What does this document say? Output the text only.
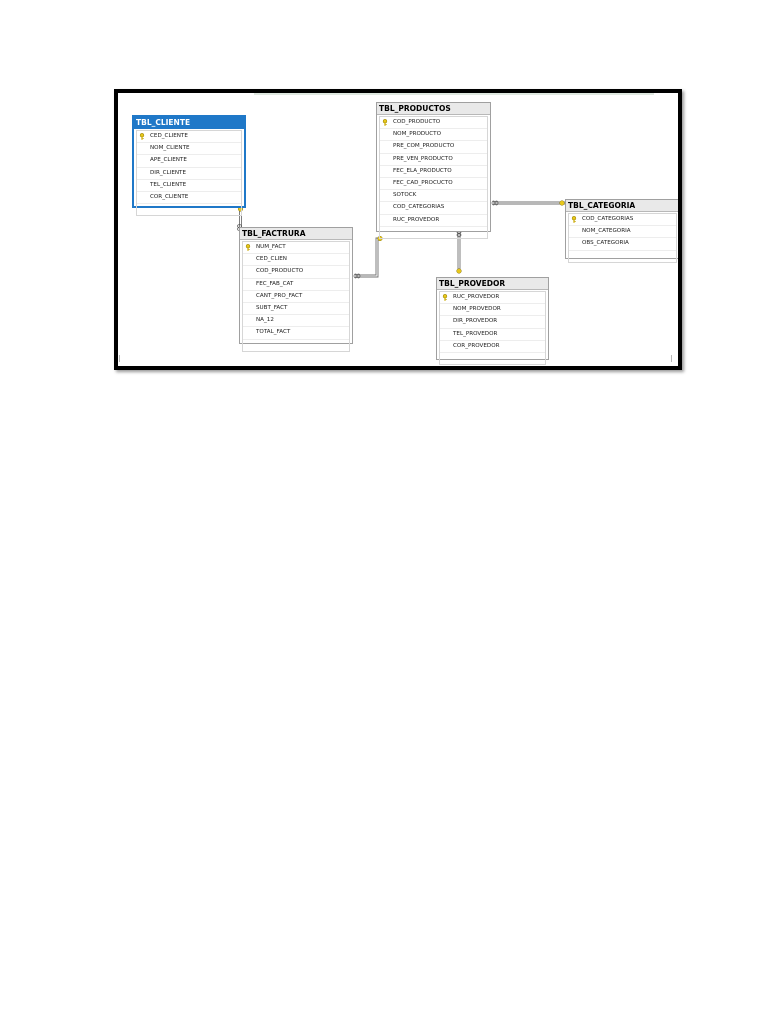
TBL_CLIENTE
CED_CLIENTE
NOM_CLIENTE
APE_CLIENTE
DIR_CLIENTE
TEL_CLIENTE
COR_CLIENTE
TBL_FACTRURA
NUM_FACT
CED_CLIEN
COD_PRODUCTO
FEC_FAB_CAT
CANT_PRO_FACT
SUBT_FACT
NA_12
TOTAL_FACT
TBL_PRODUCTOS
COD_PRODUCTO
NOM_PRODUCTO
PRE_COM_PRODUCTO
PRE_VEN_PRODUCTO
FEC_ELA_PRODUCTO
FEC_CAD_PROCUCTO
SOTOCK
COD_CATEGORIAS
RUC_PROVEDOR
TBL_CATEGORIA
COD_CATEGORIAS
NOM_CATEGORIA
OBS_CATEGORIA
TBL_PROVEDOR
RUC_PROVEDOR
NOM_PROVEDOR
DIR_PROVEDOR
TEL_PROVEDOR
COR_PROVEDOR
